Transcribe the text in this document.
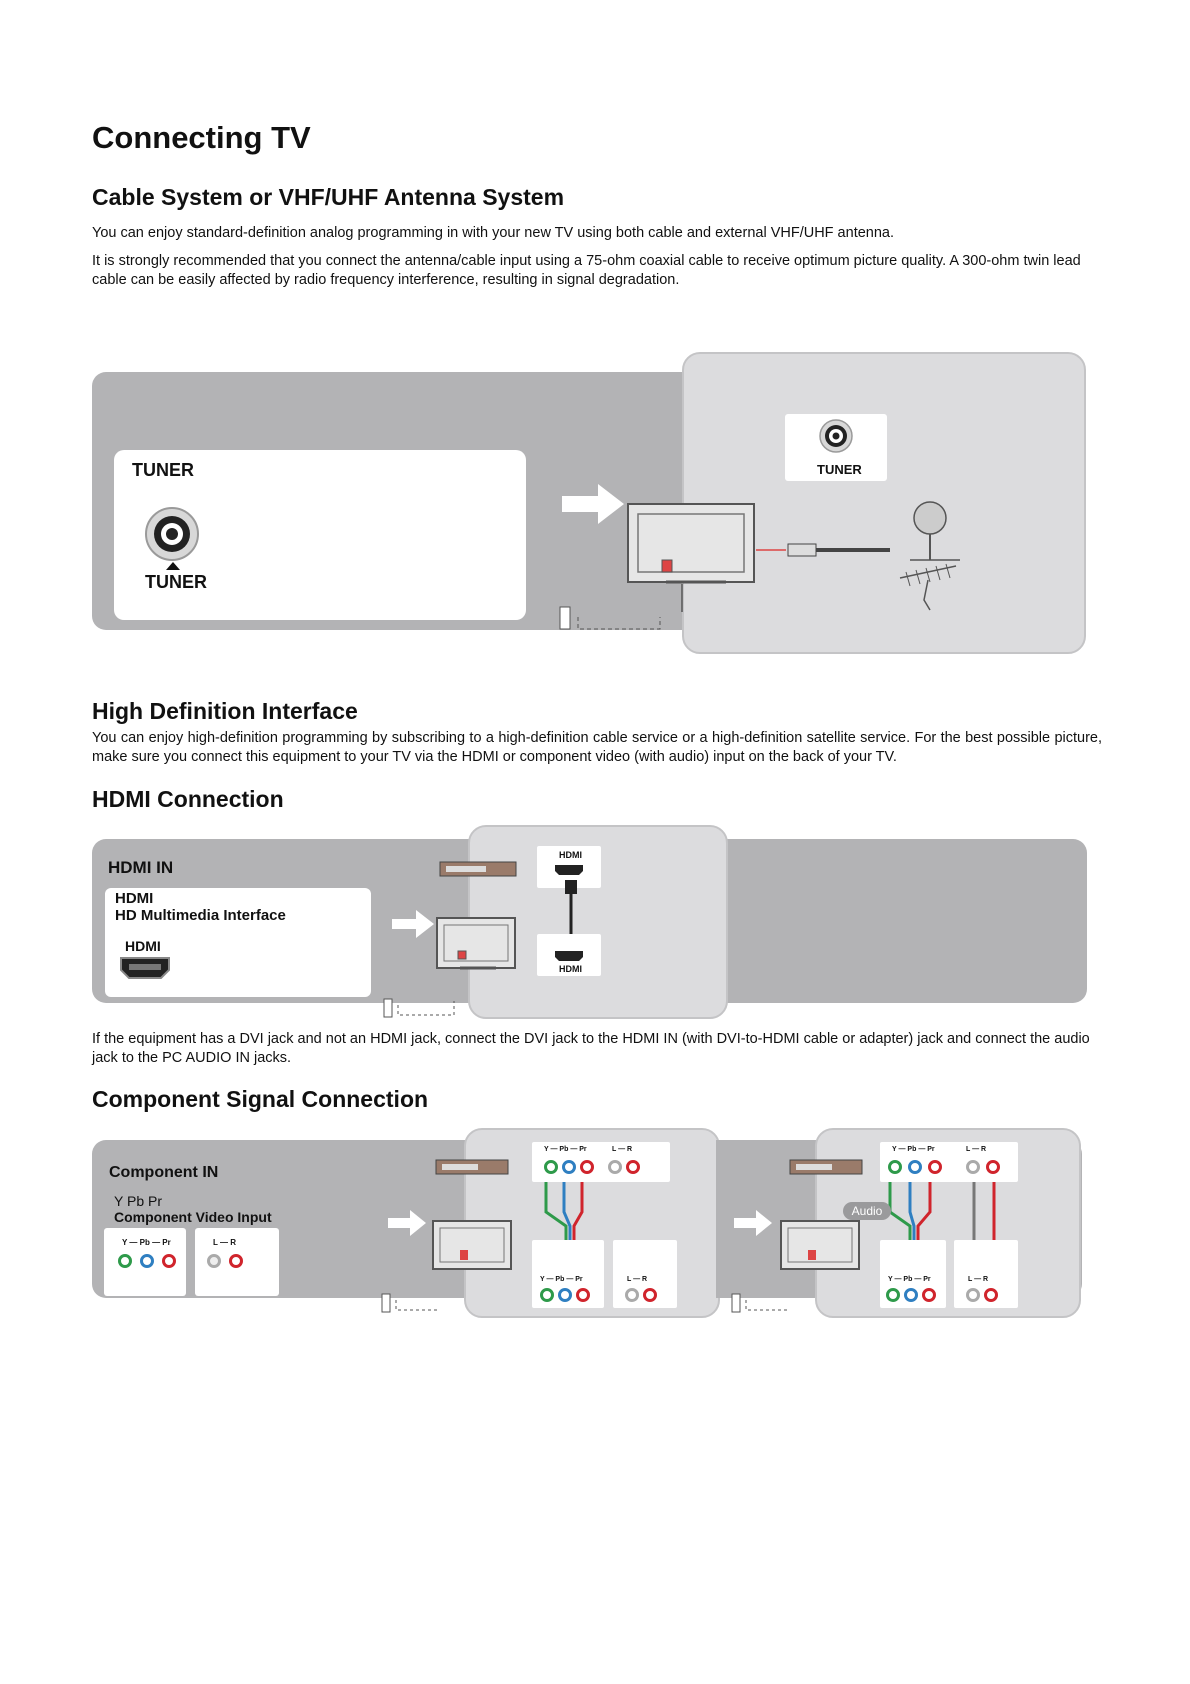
Connecting TV
Cable System or VHF/UHF Antenna System

You can enjoy standard-definition analog programming in with your new TV using both cable and external VHF/UHF antenna.

It is strongly recommended that you connect the antenna/cable input using a 75-ohm coaxial cable to receive optimum picture quality. A 300-ohm twin lead cable can be easily affected by radio frequency interference, resulting in signal degradation.

TUNER
TUNER
TUNER
High Definition Interface

You can enjoy high-definition programming by subscribing to a high-definition cable service or a high-definition satellite service. For the best possible picture, make sure you connect this equipment to your TV via the HDMI or component video (with audio) input on the back of your TV.

HDMI Connection
HDMI IN
HDMI
HD Multimedia Interface
HDMI
HDMI
HDMI

If the equipment has a DVI jack and not an HDMI jack, connect the DVI jack to the HDMI IN (with DVI-to-HDMI cable or adapter) jack and connect the audio jack to the PC AUDIO IN jacks.

Component Signal Connection
Component IN
Y Pb Pr
Component Video Input
Y — Pb — Pr	L — R
Y — Pb — Pr	L — R
Y — Pb — Pr	L — R
Y — Pb — Pr	L — R
Audio
Y — Pb — Pr	L — R
